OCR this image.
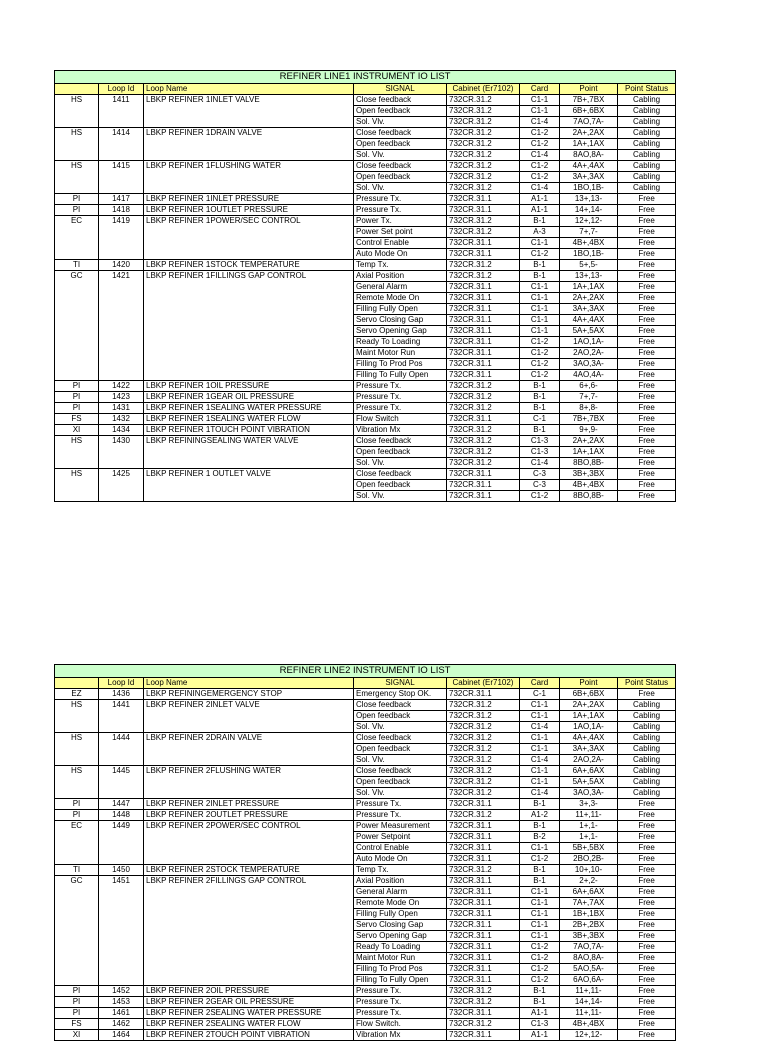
REFINER LINE1 INSTRUMENT IO LIST							
	Loop Id	Loop Name	SIGNAL	Cabinet (Er7102)	Card	Point	Point Status
HS	1411	LBKP REFINER 1INLET VALVE	Close feedback	732CR.31.2	C1-1	7B+,7BX	Cabling
			Open feedback	732CR.31.2	C1-1	6B+,6BX	Cabling
			Sol. Vlv.	732CR.31.2	C1-4	7AO,7A-	Cabling
HS	1414	LBKP REFINER 1DRAIN VALVE	Close feedback	732CR.31.2	C1-2	2A+,2AX	Cabling
			Open feedback	732CR.31.2	C1-2	1A+,1AX	Cabling
			Sol. Vlv.	732CR.31.2	C1-4	8AO,8A-	Cabling
HS	1415	LBKP REFINER 1FLUSHING WATER	Close feedback	732CR.31.2	C1-2	4A+,4AX	Cabling
			Open feedback	732CR.31.2	C1-2	3A+,3AX	Cabling
			Sol. Vlv.	732CR.31.2	C1-4	1BO,1B-	Cabling
PI	1417	LBKP REFINER 1INLET PRESSURE	Pressure Tx.	732CR.31.1	A1-1	13+,13-	Free
PI	1418	LBKP REFINER 1OUTLET PRESSURE	Pressure Tx.	732CR.31.1	A1-1	14+,14-	Free
EC	1419	LBKP REFINER 1POWER/SEC CONTROL	Power Tx.	732CR.31.2	B-1	12+,12-	Free
			Power Set point	732CR.31.2	A-3	7+,7-	Free
			Control Enable	732CR.31.1	C1-1	4B+,4BX	Free
			Auto Mode On	732CR.31.1	C1-2	1BO,1B-	Free
TI	1420	LBKP REFINER 1STOCK TEMPERATURE	Temp Tx.	732CR.31.2	B-1	5+,5-	Free
GC	1421	LBKP REFINER 1FILLINGS GAP CONTROL	Axial Position	732CR.31.2	B-1	13+,13-	Free
			General Alarm	732CR.31.1	C1-1	1A+,1AX	Free
			Remote Mode On	732CR.31.1	C1-1	2A+,2AX	Free
			Filling Fully Open	732CR.31.1	C1-1	3A+,3AX	Free
			Servo Closing Gap	732CR.31.1	C1-1	4A+,4AX	Free
			Servo Opening Gap	732CR.31.1	C1-1	5A+,5AX	Free
			Ready To Loading	732CR.31.1	C1-2	1AO,1A-	Free
			Maint Motor Run	732CR.31.1	C1-2	2AO,2A-	Free
			Filling To Prod Pos	732CR.31.1	C1-2	3AO,3A-	Free
			Filling To Fully Open	732CR.31.1	C1-2	4AO,4A-	Free
PI	1422	LBKP REFINER 1OIL PRESSURE	Pressure Tx.	732CR.31.2	B-1	6+,6-	Free
PI	1423	LBKP REFINER 1GEAR OIL PRESSURE	Pressure Tx.	732CR.31.2	B-1	7+,7-	Free
PI	1431	LBKP REFINER 1SEALING WATER PRESSURE	Pressure Tx.	732CR.31.2	B-1	8+,8-	Free
FS	1432	LBKP REFINER 1SEALING WATER FLOW	Flow Switch	732CR.31.1	C-1	7B+,7BX	Free
XI	1434	LBKP REFINER 1TOUCH POINT VIBRATION	Vibration Mx	732CR.31.2	B-1	9+,9-	Free
HS	1430	LBKP REFININGSEALING WATER VALVE	Close feedback	732CR.31.2	C1-3	2A+,2AX	Free
			Open feedback	732CR.31.2	C1-3	1A+,1AX	Free
			Sol. Vlv.	732CR.31.2	C1-4	8BO,8B-	Free
HS	1425	LBKP REFINER 1 OUTLET VALVE	Close feedback	732CR.31.1	C-3	3B+,3BX	Free
			Open feedback	732CR.31.1	C-3	4B+,4BX	Free
			Sol. Vlv.	732CR.31.1	C1-2	8BO,8B-	Free
REFINER LINE2 INSTRUMENT IO LIST							
	Loop Id	Loop Name	SIGNAL	Cabinet (Er7102)	Card	Point	Point Status
EZ	1436	LBKP REFININGEMERGENCY STOP	Emergency Stop OK.	732CR.31.1	C-1	6B+,6BX	Free
HS	1441	LBKP REFINER 2INLET VALVE	Close feedback	732CR.31.2	C1-1	2A+,2AX	Cabling
			Open feedback	732CR.31.2	C1-1	1A+,1AX	Cabling
			Sol. Vlv.	732CR.31.2	C1-4	1AO,1A-	Cabling
HS	1444	LBKP REFINER 2DRAIN VALVE	Close feedback	732CR.31.2	C1-1	4A+,4AX	Cabling
			Open feedback	732CR.31.2	C1-1	3A+,3AX	Cabling
			Sol. Vlv.	732CR.31.2	C1-4	2AO,2A-	Cabling
HS	1445	LBKP REFINER 2FLUSHING WATER	Close feedback	732CR.31.2	C1-1	6A+,6AX	Cabling
			Open feedback	732CR.31.2	C1-1	5A+,5AX	Cabling
			Sol. Vlv.	732CR.31.2	C1-4	3AO,3A-	Cabling
PI	1447	LBKP REFINER 2INLET PRESSURE	Pressure Tx.	732CR.31.1	B-1	3+,3-	Free
PI	1448	LBKP REFINER 2OUTLET PRESSURE	Pressure Tx.	732CR.31.2	A1-2	11+,11-	Free
EC	1449	LBKP REFINER 2POWER/SEC CONTROL	Power Measurement	732CR.31.1	B-1	1+,1-	Free
			Power Setpoint	732CR.31.1	B-2	1+,1-	Free
			Control Enable	732CR.31.1	C1-1	5B+,5BX	Free
			Auto Mode On	732CR.31.1	C1-2	2BO,2B-	Free
TI	1450	LBKP REFINER 2STOCK TEMPERATURE	Temp Tx.	732CR.31.2	B-1	10+,10-	Free
GC	1451	LBKP REFINER 2FILLINGS GAP CONTROL	Axial Position	732CR.31.1	B-1	2+,2-	Free
			General Alarm	732CR.31.1	C1-1	6A+,6AX	Free
			Remote Mode On	732CR.31.1	C1-1	7A+,7AX	Free
			Filling Fully Open	732CR.31.1	C1-1	1B+,1BX	Free
			Servo Closing Gap	732CR.31.1	C1-1	2B+,2BX	Free
			Servo Opening Gap	732CR.31.1	C1-1	3B+,3BX	Free
			Ready To Loading	732CR.31.1	C1-2	7AO,7A-	Free
			Maint Motor Run	732CR.31.1	C1-2	8AO,8A-	Free
			Filling To Prod Pos	732CR.31.1	C1-2	5AO,5A-	Free
			Filling To Fully Open	732CR.31.1	C1-2	6AO,6A-	Free
PI	1452	LBKP REFINER 2OIL PRESSURE	Pressure Tx.	732CR.31.2	B-1	11+,11-	Free
PI	1453	LBKP REFINER 2GEAR OIL PRESSURE	Pressure Tx.	732CR.31.2	B-1	14+,14-	Free
PI	1461	LBKP REFINER 2SEALING WATER PRESSURE	Pressure Tx.	732CR.31.1	A1-1	11+,11-	Free
FS	1462	LBKP REFINER 2SEALING WATER FLOW	Flow Switch.	732CR.31.2	C1-3	4B+,4BX	Free
XI	1464	LBKP REFINER 2TOUCH POINT VIBRATION	Vibration Mx	732CR.31.1	A1-1	12+,12-	Free
